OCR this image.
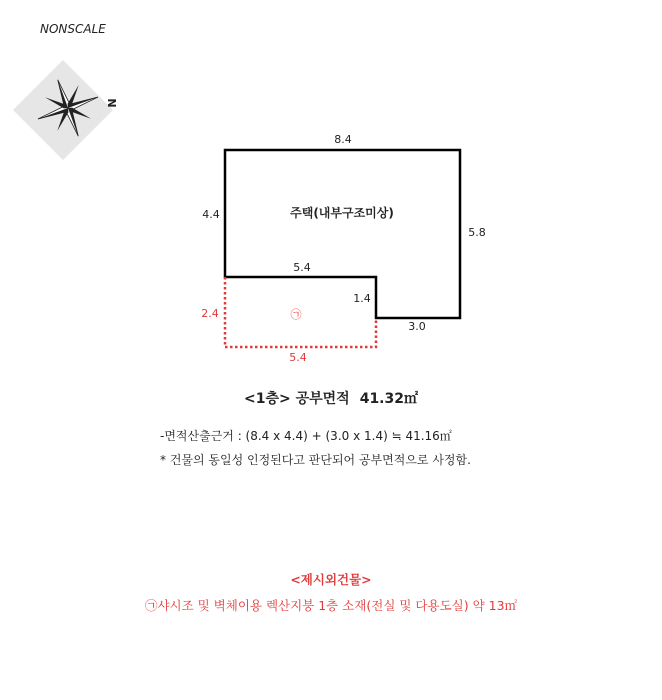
NONSCALE
N
8.4
4.4
5.8
5.4
1.4
3.0
주택(내부구조미상)
2.4
5.4
㉠
<1층> 공부면적 41.32㎡
-면적산출근거 : (8.4 x 4.4) + (3.0 x 1.4) ≒ 41.16㎡
* 건물의 동일성 인정된다고 판단되어 공부면적으로 사정함.
<제시외건물>
㉠샤시조 및 벽체이용 렉산지붕 1층 소재(전실 및 다용도실) 약 13㎡
